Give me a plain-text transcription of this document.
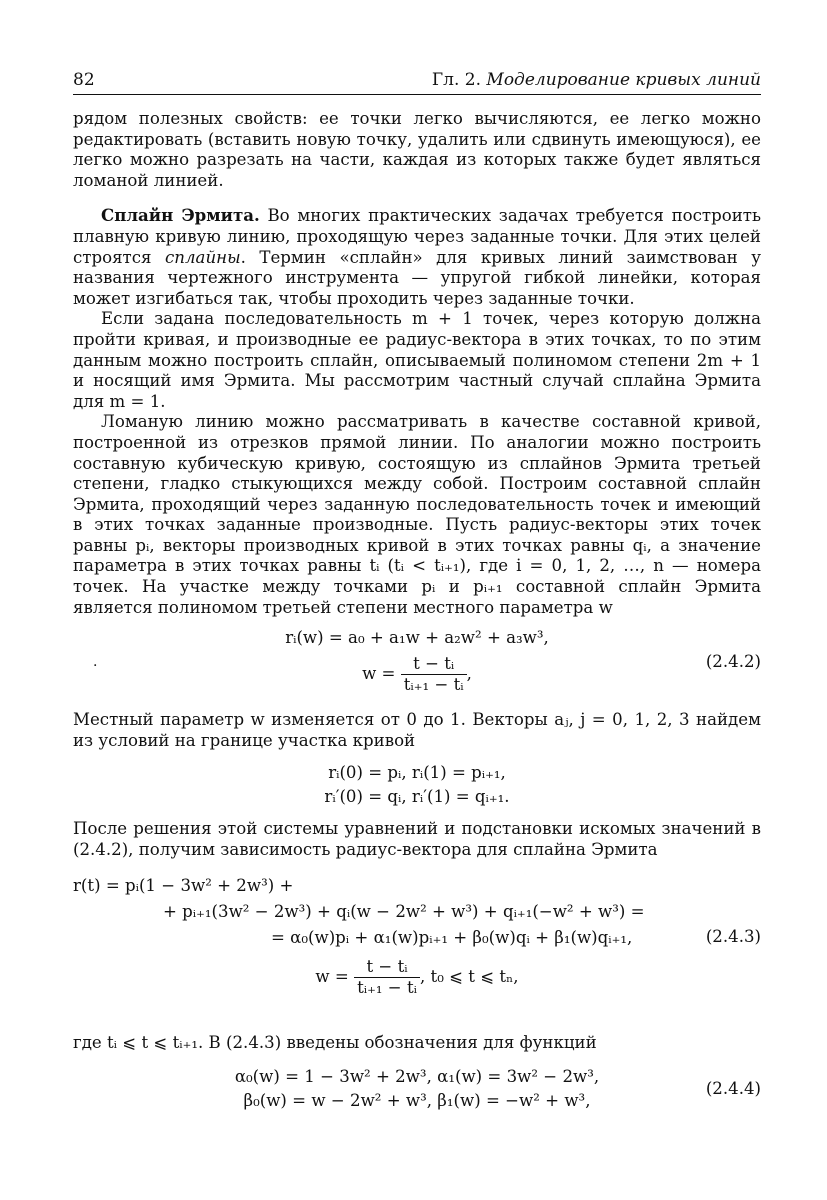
82	Гл. 2. Моделирование кривых линий

рядом полезных свойств: ее точки легко вычисляются, ее легко можно редактировать (вставить новую точку, удалить или сдвинуть имеющуюся), ее легко можно разрезать на части, каждая из которых также будет являться ломаной линией.

Сплайн Эрмита. Во многих практических задачах требуется построить плавную кривую линию, проходящую через заданные точки. Для этих целей строятся сплайны. Термин «сплайн» для кривых линий заимствован у названия чертежного инструмента — упругой гибкой линейки, которая может изгибаться так, чтобы проходить через заданные точки.

Если задана последовательность m + 1 точек, через которую должна пройти кривая, и производные ее радиус-вектора в этих точках, то по этим данным можно построить сплайн, описываемый полиномом степени 2m + 1 и носящий имя Эрмита. Мы рассмотрим частный случай сплайна Эрмита для m = 1.

Ломаную линию можно рассматривать в качестве составной кривой, построенной из отрезков прямой линии. По аналогии можно построить составную кубическую кривую, состоящую из сплайнов Эрмита третьей степени, гладко стыкующихся между собой. Построим составной сплайн Эрмита, проходящий через заданную последовательность точек и имеющий в этих точках заданные производные. Пусть радиус-векторы этих точек равны pᵢ, векторы производных кривой в этих точках равны qᵢ, а значение параметра в этих точках равны tᵢ (tᵢ < tᵢ₊₁), где i = 0, 1, 2, …, n — номера точек. На участке между точками pᵢ и pᵢ₊₁ составной сплайн Эрмита является полиномом третьей степени местного параметра w

·
rᵢ(w) = a₀ + a₁w + a₂w² + a₃w³,
$w = \frac{\text{t − tᵢ}}{\text{tᵢ₊₁ − tᵢ}}$ ,
(2.4.2)

Местный параметр w изменяется от 0 до 1. Векторы aⱼ, j = 0, 1, 2, 3 найдем из условий на границе участка кривой

rᵢ(0) = pᵢ, rᵢ(1) = pᵢ₊₁,
rᵢ′(0) = qᵢ, rᵢ′(1) = qᵢ₊₁.

После решения этой системы уравнений и подстановки искомых значений в (2.4.2), получим зависимость радиус-вектора для сплайна Эрмита

r(t) = pᵢ(1 − 3w² + 2w³) +
+ pᵢ₊₁(3w² − 2w³) + qᵢ(w − 2w² + w³) + qᵢ₊₁(−w² + w³) =
= α₀(w)pᵢ + α₁(w)pᵢ₊₁ + β₀(w)qᵢ + β₁(w)qᵢ₊₁,
$w = \frac{\text{t − tᵢ}}{\text{tᵢ₊₁ − tᵢ}}$ , t₀ ⩽ t ⩽ tₙ,
(2.4.3)

где tᵢ ⩽ t ⩽ tᵢ₊₁. В (2.4.3) введены обозначения для функций

α₀(w) = 1 − 3w² + 2w³, α₁(w) = 3w² − 2w³,
β₀(w) = w − 2w² + w³, β₁(w) = −w² + w³,
(2.4.4)
